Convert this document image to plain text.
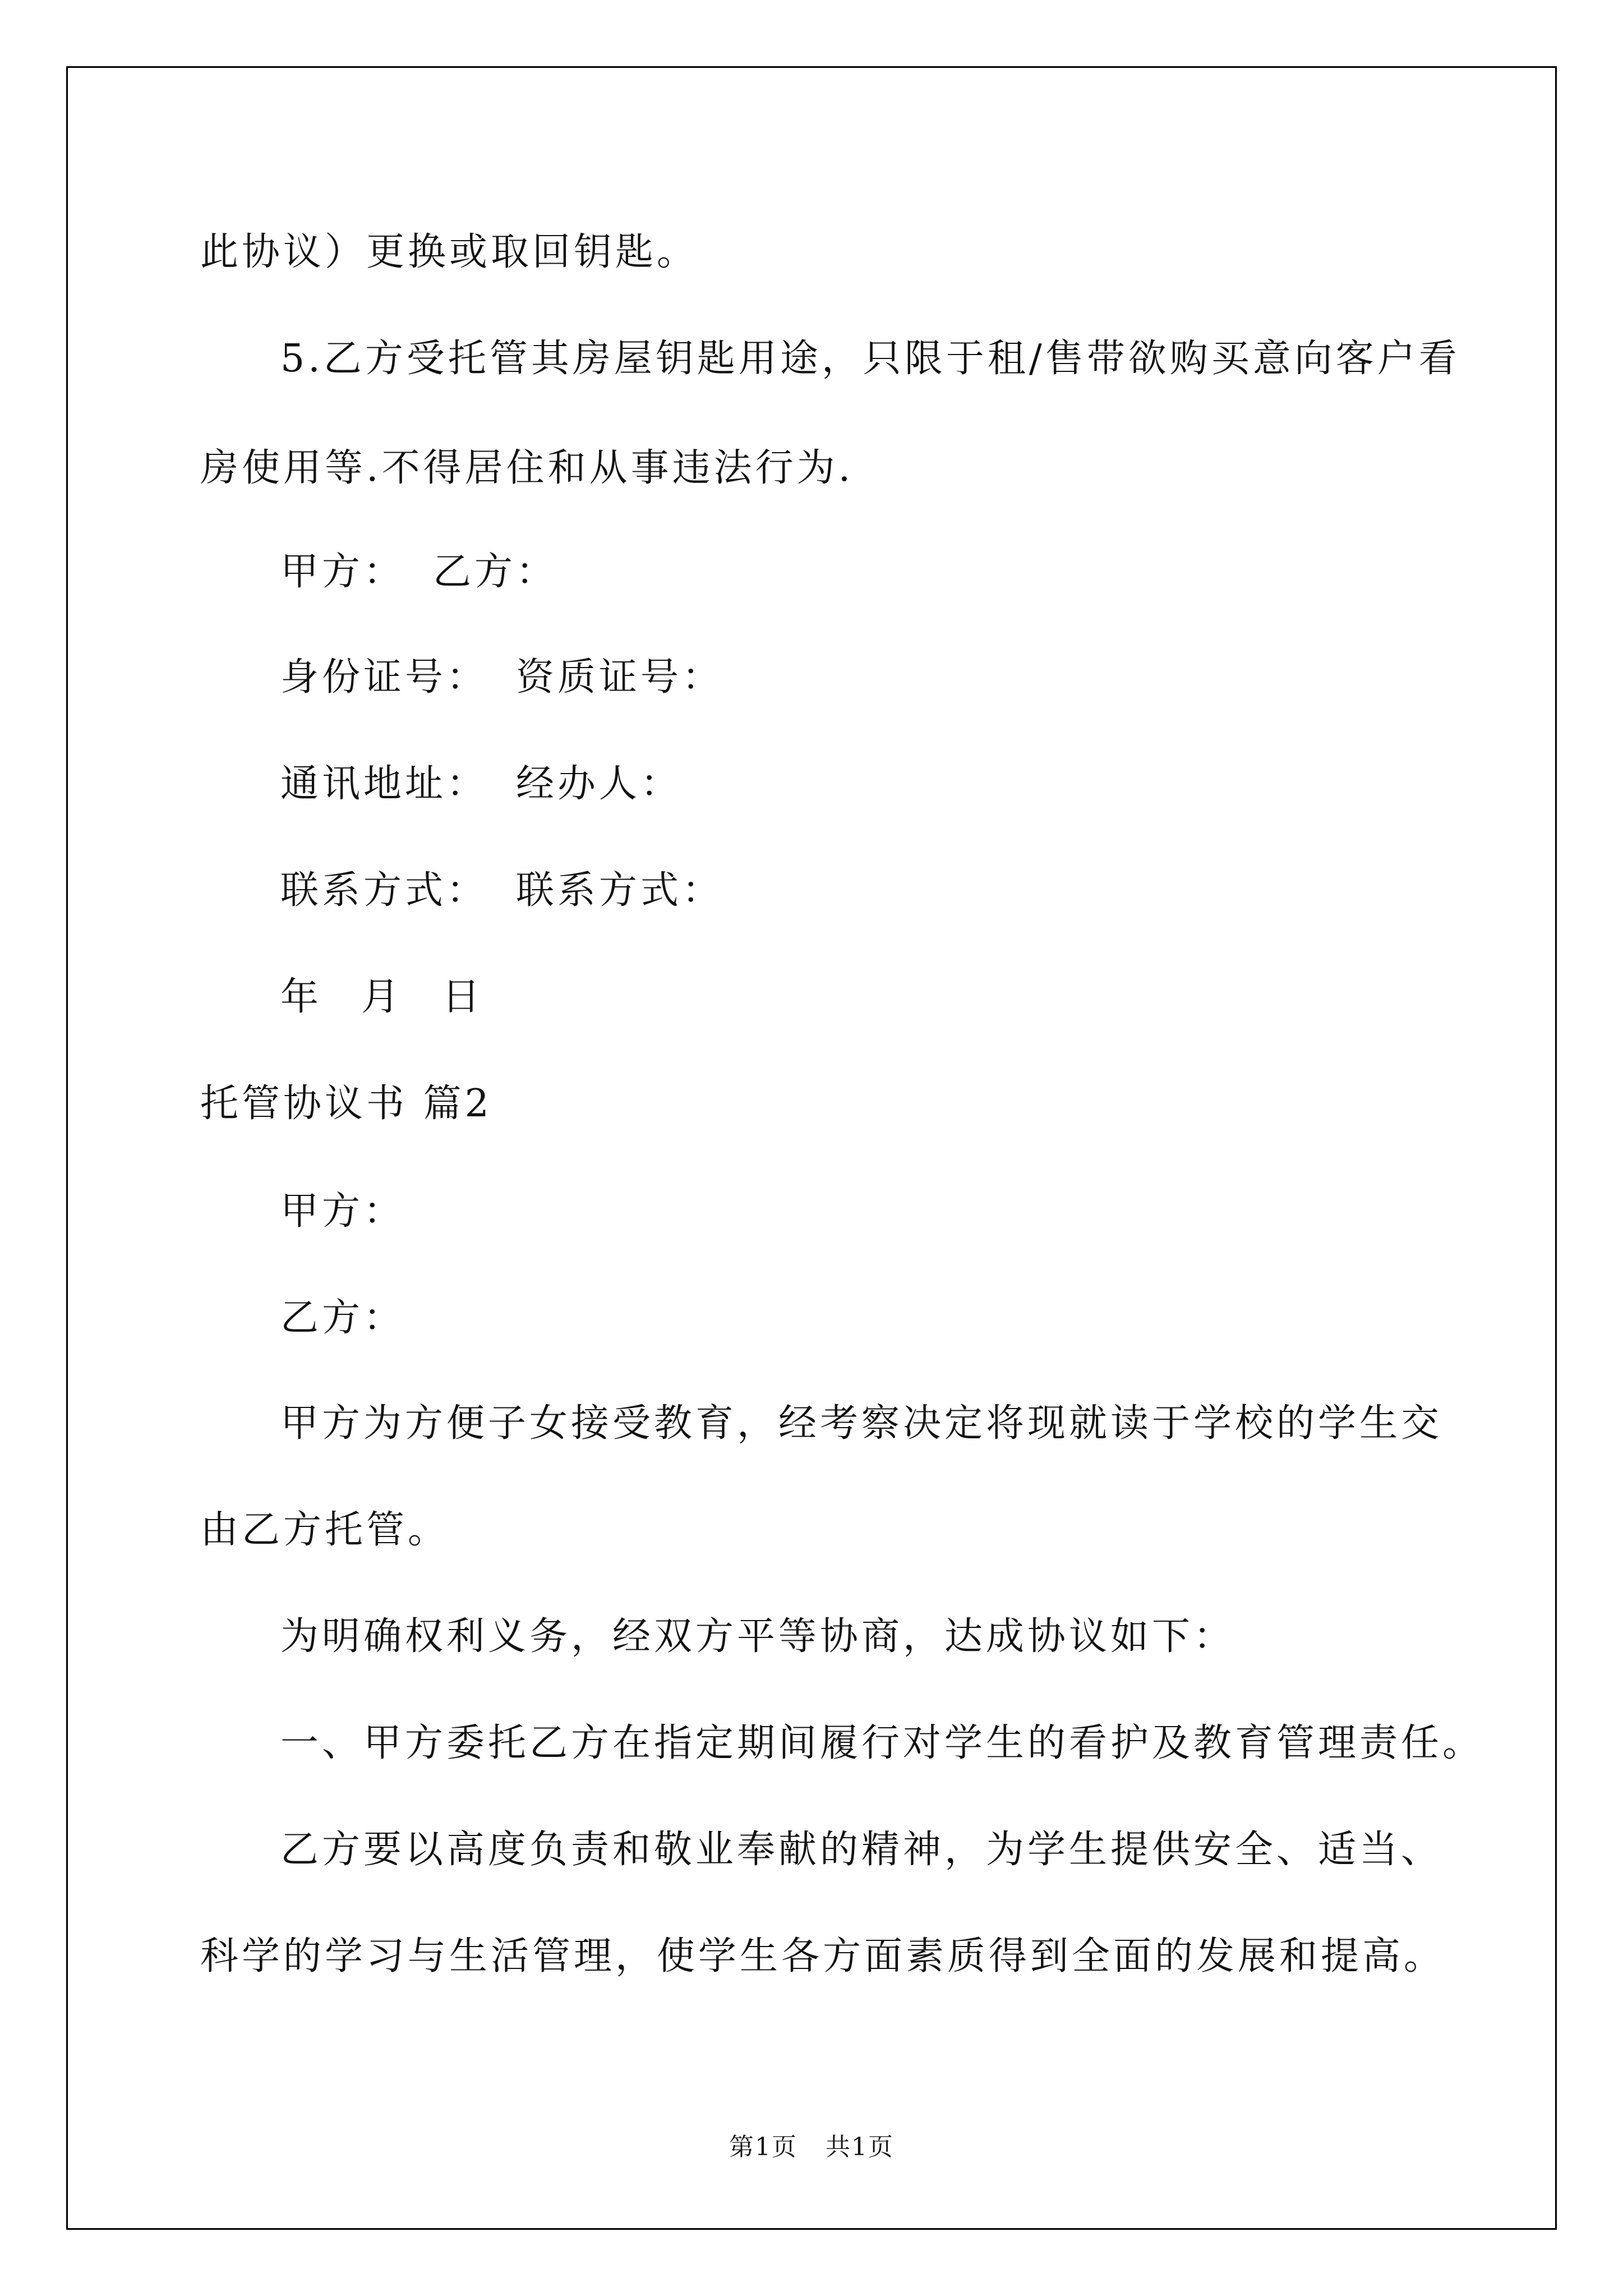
此协议）更换或取回钥匙。
5.乙方受托管其房屋钥匙用途，只限于租/售带欲购买意向客户看
房使用等.不得居住和从事违法行为.
甲方： 乙方：
身份证号： 资质证号：
通讯地址： 经办人：
联系方式： 联系方式：
年 月 日
托管协议书 篇2
甲方：
乙方：
甲方为方便子女接受教育，经考察决定将现就读于学校的学生交
由乙方托管。
为明确权利义务，经双方平等协商，达成协议如下：
一、甲方委托乙方在指定期间履行对学生的看护及教育管理责任。
乙方要以高度负责和敬业奉献的精神，为学生提供安全、适当、
科学的学习与生活管理，使学生各方面素质得到全面的发展和提高。
第1页 共1页
